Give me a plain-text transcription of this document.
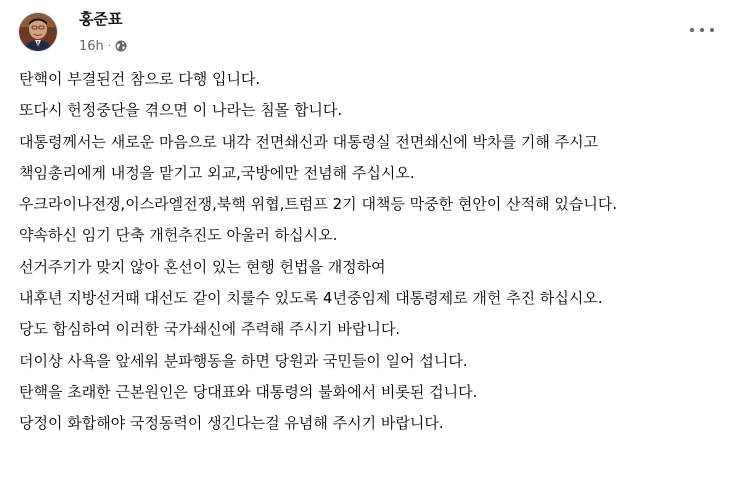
홍준표
16h ·
탄핵이 부결된건 참으로 다행 입니다.
또다시 헌정중단을 겪으면 이 나라는 침몰 합니다.
대통령께서는 새로운 마음으로 내각 전면쇄신과 대통령실 전면쇄신에 박차를 기해 주시고
책임총리에게 내정을 맡기고 외교,국방에만 전념해 주십시오.
우크라이나전쟁,이스라엘전쟁,북핵 위협,트럼프 2기 대책등 막중한 현안이 산적해 있습니다.
약속하신 임기 단축 개헌추진도 아울러 하십시오.
선거주기가 맞지 않아 혼선이 있는 현행 헌법을 개정하여
내후년 지방선거때 대선도 같이 치룰수 있도록 4년중임제 대통령제로 개헌 추진 하십시오.
당도 합심하여 이러한 국가쇄신에 주력해 주시기 바랍니다.
더이상 사욕을 앞세워 분파행동을 하면 당원과 국민들이 일어 섭니다.
탄핵을 초래한 근본원인은 당대표와 대통령의 불화에서 비롯된 겁니다.
당정이 화합해야 국정동력이 생긴다는걸 유념해 주시기 바랍니다.
